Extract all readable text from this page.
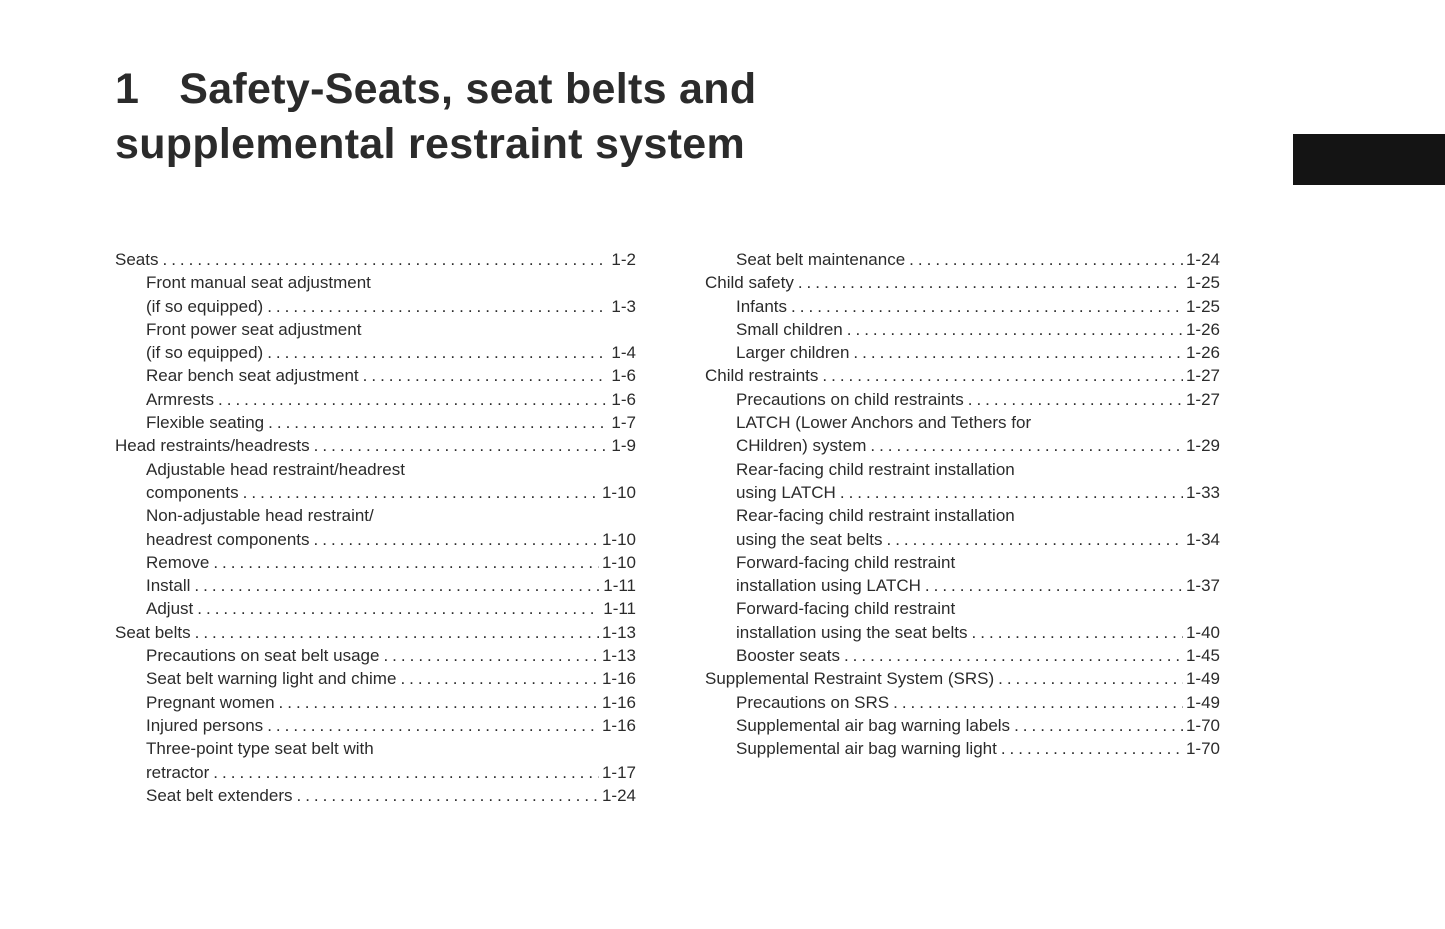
1 Safety-Seats, seat belts and
supplemental restraint system
Seats .....	1-2
Front manual seat adjustment
(if so equipped) .....	1-3
Front power seat adjustment
(if so equipped) .....	1-4
Rear bench seat adjustment .....	1-6
Armrests .....	1-6
Flexible seating .....	1-7
Head restraints/headrests .....	1-9
Adjustable head restraint/headrest
components .....	1-10
Non-adjustable head restraint/
headrest components .....	1-10
Remove .....	1-10
Install .....	1-11
Adjust .....	1-11
Seat belts .....	1-13
Precautions on seat belt usage .....	1-13
Seat belt warning light and chime .....	1-16
Pregnant women .....	1-16
Injured persons .....	1-16
Three-point type seat belt with
retractor .....	1-17
Seat belt extenders .....	1-24
Seat belt maintenance .....	1-24
Child safety .....	1-25
Infants .....	1-25
Small children .....	1-26
Larger children .....	1-26
Child restraints .....	1-27
Precautions on child restraints .....	1-27
LATCH (Lower Anchors and Tethers for
CHildren) system .....	1-29
Rear-facing child restraint installation
using LATCH .....	1-33
Rear-facing child restraint installation
using the seat belts .....	1-34
Forward-facing child restraint
installation using LATCH .....	1-37
Forward-facing child restraint
installation using the seat belts .....	1-40
Booster seats .....	1-45
Supplemental Restraint System (SRS) .....	1-49
Precautions on SRS .....	1-49
Supplemental air bag warning labels .....	1-70
Supplemental air bag warning light .....	1-70
